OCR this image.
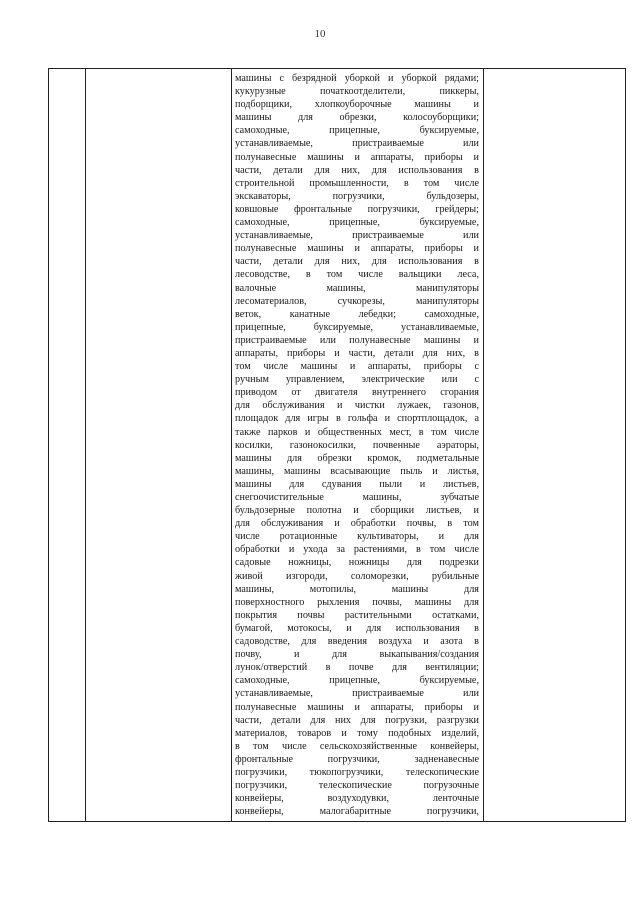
10
машины с безрядной уборкой и уборкой рядами;
кукурузные початкоотделители, пиккеры,
подборщики, хлопкоуборочные машины и
машины для обрезки, колосоуборщики;
самоходные, прицепные, буксируемые,
устанавливаемые, пристраиваемые или
полунавесные машины и аппараты, приборы и
части, детали для них, для использования в
строительной промышленности, в том числе
экскаваторы, погрузчики, бульдозеры,
ковшовые фронтальные погрузчики, грейдеры;
самоходные, прицепные, буксируемые,
устанавливаемые, пристраиваемые или
полунавесные машины и аппараты, приборы и
части, детали для них, для использования в
лесоводстве, в том числе вальщики леса,
валочные машины, манипуляторы
лесоматериалов, сучкорезы, манипуляторы
веток, канатные лебедки; самоходные,
прицепные, буксируемые, устанавливаемые,
пристраиваемые или полунавесные машины и
аппараты, приборы и части, детали для них, в
том числе машины и аппараты, приборы с
ручным управлением, электрические или с
приводом от двигателя внутреннего сгорания
для обслуживания и чистки лужаек, газонов,
площадок для игры в гольфа и спортплощадок, а
также парков и общественных мест, в том числе
косилки, газонокосилки, почвенные аэраторы,
машины для обрезки кромок, подметальные
машины, машины всасывающие пыль и листья,
машины для сдувания пыли и листьев,
снегоочистительные машины, зубчатые
бульдозерные полотна и сборщики листьев, и
для обслуживания и обработки почвы, в том
числе ротационные культиваторы, и для
обработки и ухода за растениями, в том числе
садовые ножницы, ножницы для подрезки
живой изгороди, соломорезки, рубильные
машины, мотопилы, машины для
поверхностного рыхления почвы, машины для
покрытия почвы растительными остатками,
бумагой, мотокосы, и для использования в
садоводстве, для введения воздуха и азота в
почву, и для выкапывания/создания
лунок/отверстий в почве для вентиляции;
самоходные, прицепные, буксируемые,
устанавливаемые, пристраиваемые или
полунавесные машины и аппараты, приборы и
части, детали для них для погрузки, разгрузки
материалов, товаров и тому подобных изделий,
в том числе сельскохозяйственные конвейеры,
фронтальные погрузчики, задненавесные
погрузчики, тюкопогрузчики, телескопические
погрузчики, телескопические погрузочные
конвейеры, воздуходувки, ленточные
конвейеры, малогабаритные погрузчики,
